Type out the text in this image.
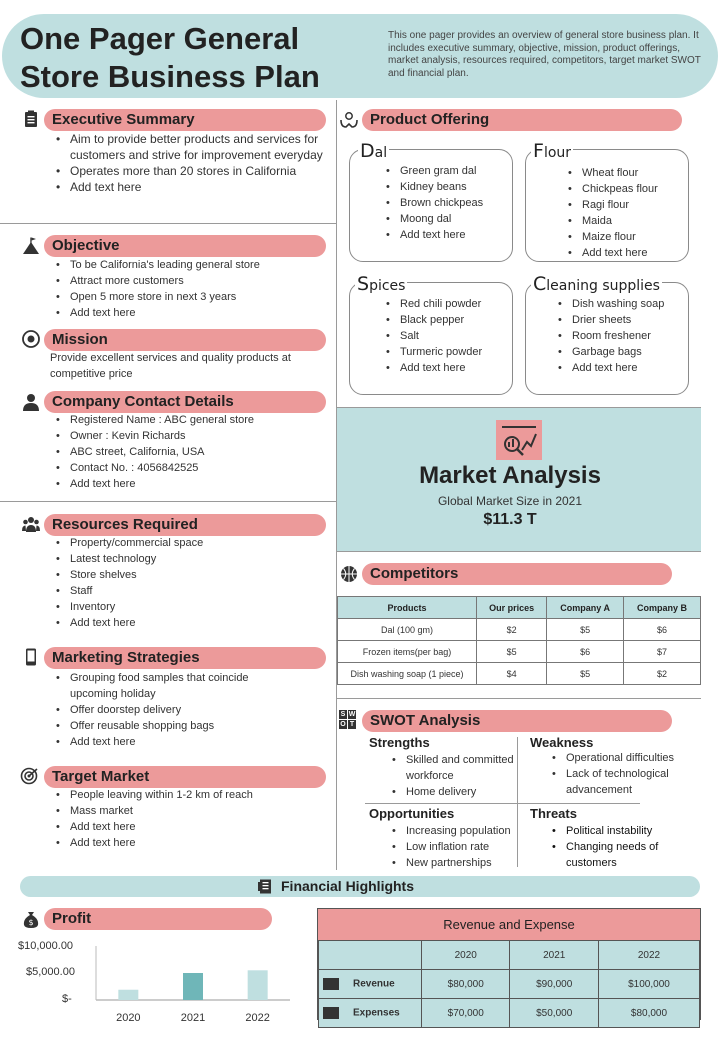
One Pager General
Store Business Plan
This one pager provides an overview of general store business plan. It includes executive summary, objective, mission, product offerings, market analysis, resources required, competitors, target market SWOT and financial plan.
Executive Summary
• Aim to provide better products and services for customers and strive for improvement everyday
• Operates more than 20 stores in California
• Add text here
Objective
• To be California's leading general store
• Attract more customers
• Open 5 more store in next 3 years
• Add text here
Mission
Provide excellent services and quality products at competitive price
Company Contact Details
• Registered Name : ABC general store
• Owner : Kevin Richards
• ABC street, California, USA
• Contact No. : 4056842525
• Add text here
Resources Required
• Property/commercial space
• Latest technology
• Store shelves
• Staff
• Inventory
• Add text here
Marketing Strategies
• Grouping food samples that coincide upcoming holiday
• Offer doorstep delivery
• Offer reusable shopping bags
• Add text here
Target Market
• People leaving within 1-2 km of reach
• Mass market
• Add text here
• Add text here
Product Offering
Dal
• Green gram dal
• Kidney beans
• Brown chickpeas
• Moong dal
• Add text here
Flour
• Wheat flour
• Chickpeas flour
• Ragi flour
• Maida
• Maize flour
• Add text here
Spices
• Red chili powder
• Black pepper
• Salt
• Turmeric powder
• Add text here
Cleaning supplies
• Dish washing soap
• Drier sheets
• Room freshener
• Garbage bags
• Add text here
Market Analysis
Global Market Size in 2021
$11.3 T
Competitors
Products	Our prices	Company A	Company B
Dal (100 gm)	$2	$5	$6
Frozen items(per bag)	$5	$6	$7
Dish washing soap (1 piece)	$4	$5	$2
S W
O T	SWOT Analysis
Strengths
• Skilled and committed workforce
• Home delivery
Weakness
• Operational difficulties
• Lack of technological advancement
Opportunities
• Increasing population
• Low inflation rate
• New partnerships
Threats
• Political instability
• Changing needs of customers
Financial Highlights
$	Profit
$10,000.00
$5,000.00
$-
2020	2021	2022
Revenue and Expense
	2020	2021	2022
Revenue	$80,000	$90,000	$100,000
Expenses	$70,000	$50,000	$80,000
